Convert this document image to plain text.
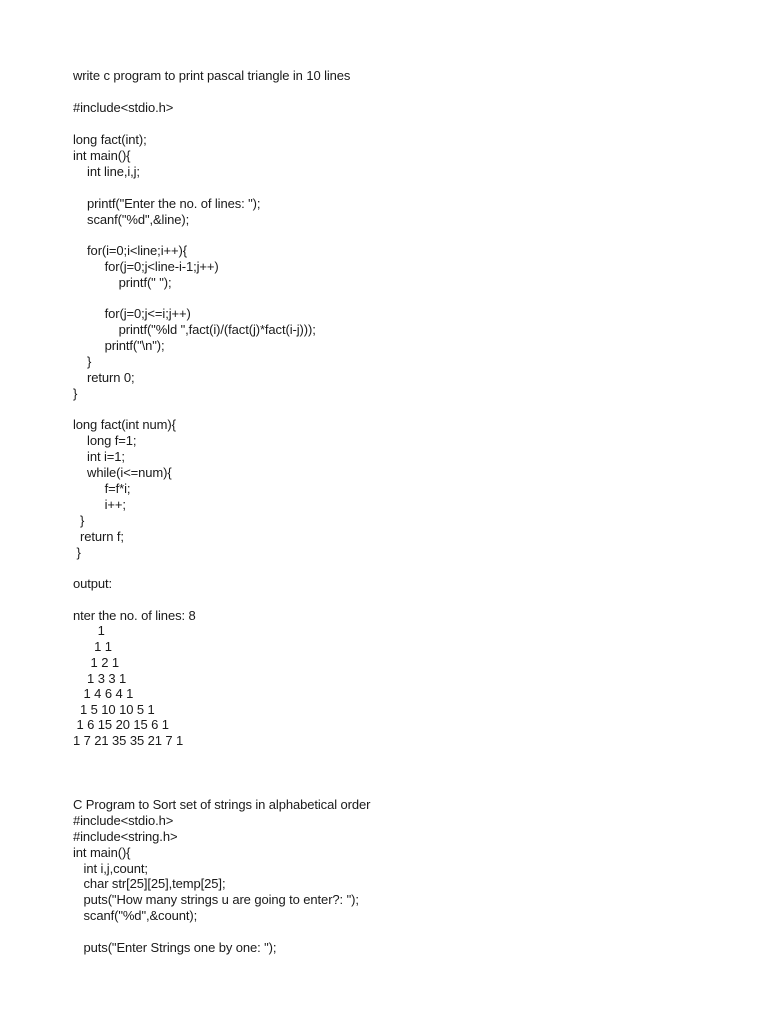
write c program to print pascal triangle in 10 lines

#include<stdio.h>

long fact(int);

int main(){

int line,i,j;

printf("Enter the no. of lines: ");

scanf("%d",&line);

for(i=0;i<line;i++){

for(j=0;j<line-i-1;j++)

printf(" ");

for(j=0;j<=i;j++)

printf("%ld ",fact(i)/(fact(j)*fact(i-j)));

printf("\n");

}

return 0;

}

long fact(int num){

long f=1;

int i=1;

while(i<=num){

f=f*i;

i++;

}

return f;

}

output:

nter the no. of lines: 8

1

1 1

1 2 1

1 3 3 1

1 4 6 4 1

1 5 10 10 5 1

1 6 15 20 15 6 1

1 7 21 35 35 21 7 1

C Program to Sort set of strings in alphabetical order

#include<stdio.h>

#include<string.h>

int main(){

int i,j,count;

char str[25][25],temp[25];

puts("How many strings u are going to enter?: ");

scanf("%d",&count);

puts("Enter Strings one by one: ");
